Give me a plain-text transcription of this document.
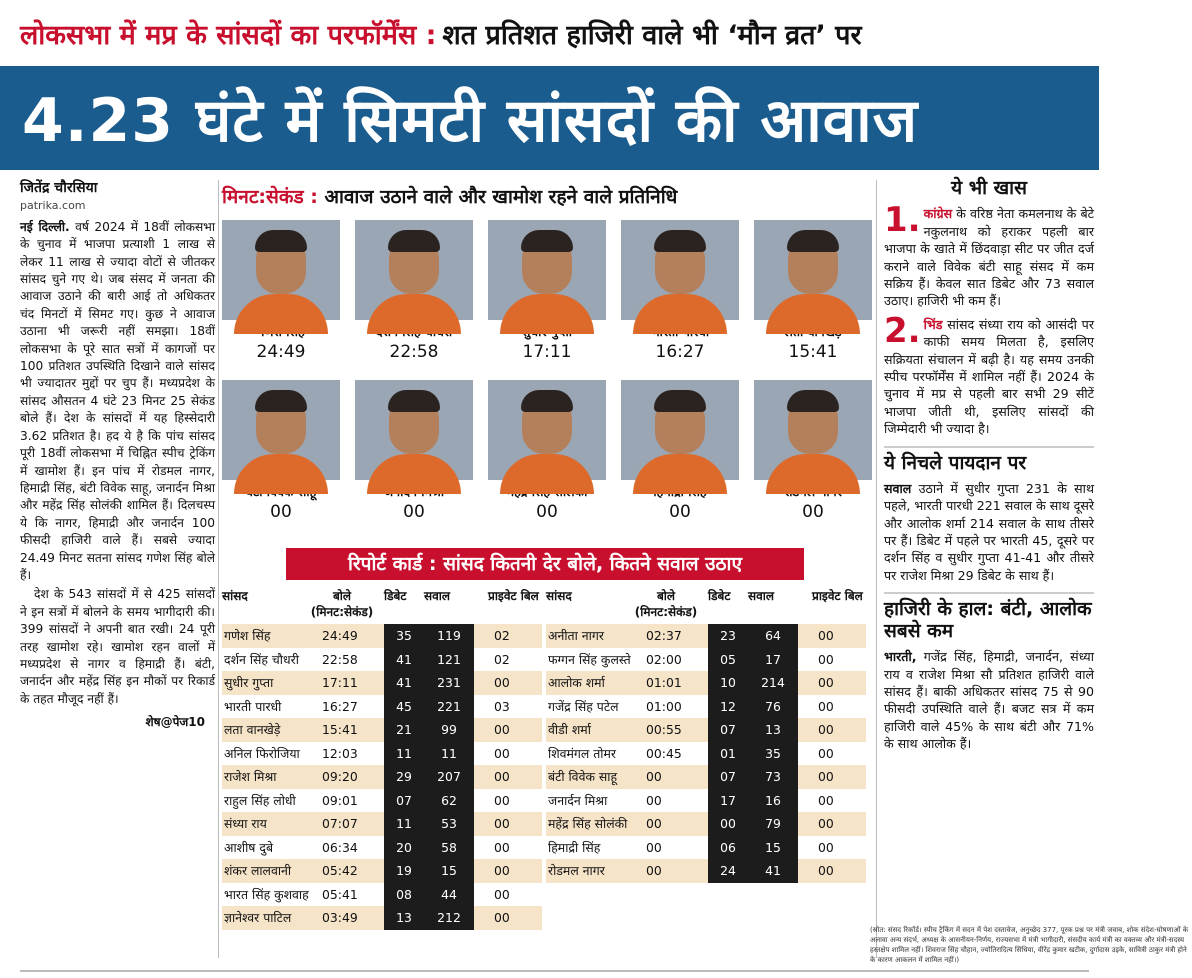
लोकसभा में मप्र के सांसदों का परफॉर्मेंस : शत प्रतिशत हाजिरी वाले भी ‘मौन व्रत’ पर
4.23 घंटे में सिमटी सांसदों की आवाज
जितेंद्र चौरसिया
patrika.com

नई दिल्ली. वर्ष 2024 में 18वीं लोकसभा के चुनाव में भाजपा प्रत्याशी 1 लाख से लेकर 11 लाख से ज्यादा वोटों से जीतकर सांसद चुने गए थे। जब संसद में जनता की आवाज उठाने की बारी आई तो अधिकतर चंद मिनटों में सिमट गए। कुछ ने आवाज उठाना भी जरूरी नहीं समझा। 18वीं लोकसभा के पूरे सात सत्रों में कागजों पर 100 प्रतिशत उपस्थिति दिखाने वाले सांसद भी ज्यादातर मुद्दों पर चुप हैं। मध्यप्रदेश के सांसद औसतन 4 घंटे 23 मिनट 25 सेकंड बोले हैं। देश के सांसदों में यह हिस्सेदारी 3.62 प्रतिशत है। हद ये है कि पांच सांसद पूरी 18वीं लोकसभा में चिह्नित स्पीच ट्रेकिंग में खामोश हैं। इन पांच में रोडमल नागर, हिमाद्री सिंह, बंटी विवेक साहू, जनार्दन मिश्रा और महेंद्र सिंह सोलंकी शामिल हैं। दिलचस्प ये कि नागर, हिमाद्री और जनार्दन 100 फीसदी हाजिरी वाले हैं। सबसे ज्यादा 24.49 मिनट सतना सांसद गणेश सिंह बोले हैं।

देश के 543 सांसदों में से 425 सांसदों ने इन सत्रों में बोलने के समय भागीदारी की। 399 सांसदों ने अपनी बात रखी। 24 पूरी तरह खामोश रहे। खामोश रहन वालों में मध्यप्रदेश से नागर व हिमाद्री हैं। बंटी, जनार्दन और महेंद्र सिंह इन मौकों पर रिकार्ड के तहत मौजूद नहीं हैं।

शेष@पेज10
मिनट:सेकंड :
आवाज उठाने वाले और खामोश रहने वाले प्रतिनिधि
24:49	22:58	17:11	16:27	15:41
00	00	00	00	00
रिपोर्ट कार्ड : सांसद कितनी देर बोले, कितने सवाल उठाए
सांसद	बोले (मिनट:सेकंड)
डिबेट	सवाल	प्राइवेट बिल
गणेश सिंह	24:49	35	119	02
दर्शन सिंह चौधरी	22:58	41	121	02
सुधीर गुप्ता	17:11	41	231	00
भारती पारधी	16:27	45	221	03
लता वानखेड़े	15:41	21	99	00
अनिल फिरोजिया	12:03	11	11	00
राजेश मिश्रा	09:20	29	207	00
राहुल सिंह लोधी	09:01	07	62	00
संध्या राय	07:07	11	53	00
आशीष दुबे	06:34	20	58	00
शंकर लालवानी	05:42	19	15	00
भारत सिंह कुशवाह	05:41	08	44	00
ज्ञानेश्वर पाटिल	03:49	13	212	00
सांसद	बोले (मिनट:सेकंड)
डिबेट	सवाल	प्राइवेट बिल
अनीता नागर	02:37	23	64	00
फग्गन सिंह कुलस्ते	02:00	05	17	00
आलोक शर्मा	01:01	10	214	00
गजेंद्र सिंह पटेल	01:00	12	76	00
वीडी शर्मा	00:55	07	13	00
शिवमंगल तोमर	00:45	01	35	00
बंटी विवेक साहू	00	07	73	00
जनार्दन मिश्रा	00	17	16	00
महेंद्र सिंह सोलंकी	00	00	79	00
हिमाद्री सिंह	00	06	15	00
रोडमल नागर	00	24	41	00
(स्रोत: संसद रिकॉर्ड। स्पीच ट्रैकिंग में सदन में पेश दस्तावेज, अनुच्छेद 377, पूरक प्रश्न पर मंत्री जवाब, शोक संदेश-घोषणाओं के अलावा अन्य संदर्भ, अध्यक्ष के आसनीयन-निर्णय, राज्यसभा में मंत्री भागीदारी, संसदीय कार्य मंत्री का वक्तव्य और मंत्री-सदस्य हस्तक्षेप शामिल नहीं। शिवराज सिंह चौहान, ज्योतिरादित्य सिंधिया, वीरेंद्र कुमार खटीक, दुर्गादास उइके, सावित्री ठाकुर मंत्री होने के कारण आकलन में शामिल नहीं।)
ये भी खास
1. कांग्रेस के वरिष्ठ नेता कमलनाथ के बेटे नकुलनाथ को हराकर पहली बार भाजपा के खाते में छिंदवाड़ा सीट पर जीत दर्ज कराने वाले विवेक बंटी साहू संसद में कम सक्रिय हैं। केवल सात डिबेट और 73 सवाल उठाए। हाजिरी भी कम हैं।
2. भिंड सांसद संध्या राय को आसंदी पर काफी समय मिलता है, इसलिए सक्रियता संचालन में बढ़ी है। यह समय उनकी स्पीच परफॉर्मेंस में शामिल नहीं हैं। 2024 के चुनाव में मप्र से पहली बार सभी 29 सीटें भाजपा जीती थी, इसलिए सांसदों की जिम्मेदारी भी ज्यादा है।
ये निचले पायदान पर
सवाल उठाने में सुधीर गुप्ता 231 के साथ पहले, भारती पारधी 221 सवाल के साथ दूसरे और आलोक शर्मा 214 सवाल के साथ तीसरे पर हैं। डिबेट में पहले पर भारती 45, दूसरे पर दर्शन सिंह व सुधीर गुप्ता 41-41 और तीसरे पर राजेश मिश्रा 29 डिबेट के साथ हैं।
हाजिरी के हाल: बंटी, आलोक सबसे कम
भारती, गजेंद्र सिंह, हिमाद्री, जनार्दन, संध्या राय व राजेश मिश्रा सौ प्रतिशत हाजिरी वाले सांसद हैं। बाकी अधिकतर सांसद 75 से 90 फीसदी उपस्थिति वाले हैं। बजट सत्र में कम हाजिरी वाले 45% के साथ बंटी और 71% के साथ आलोक हैं।
